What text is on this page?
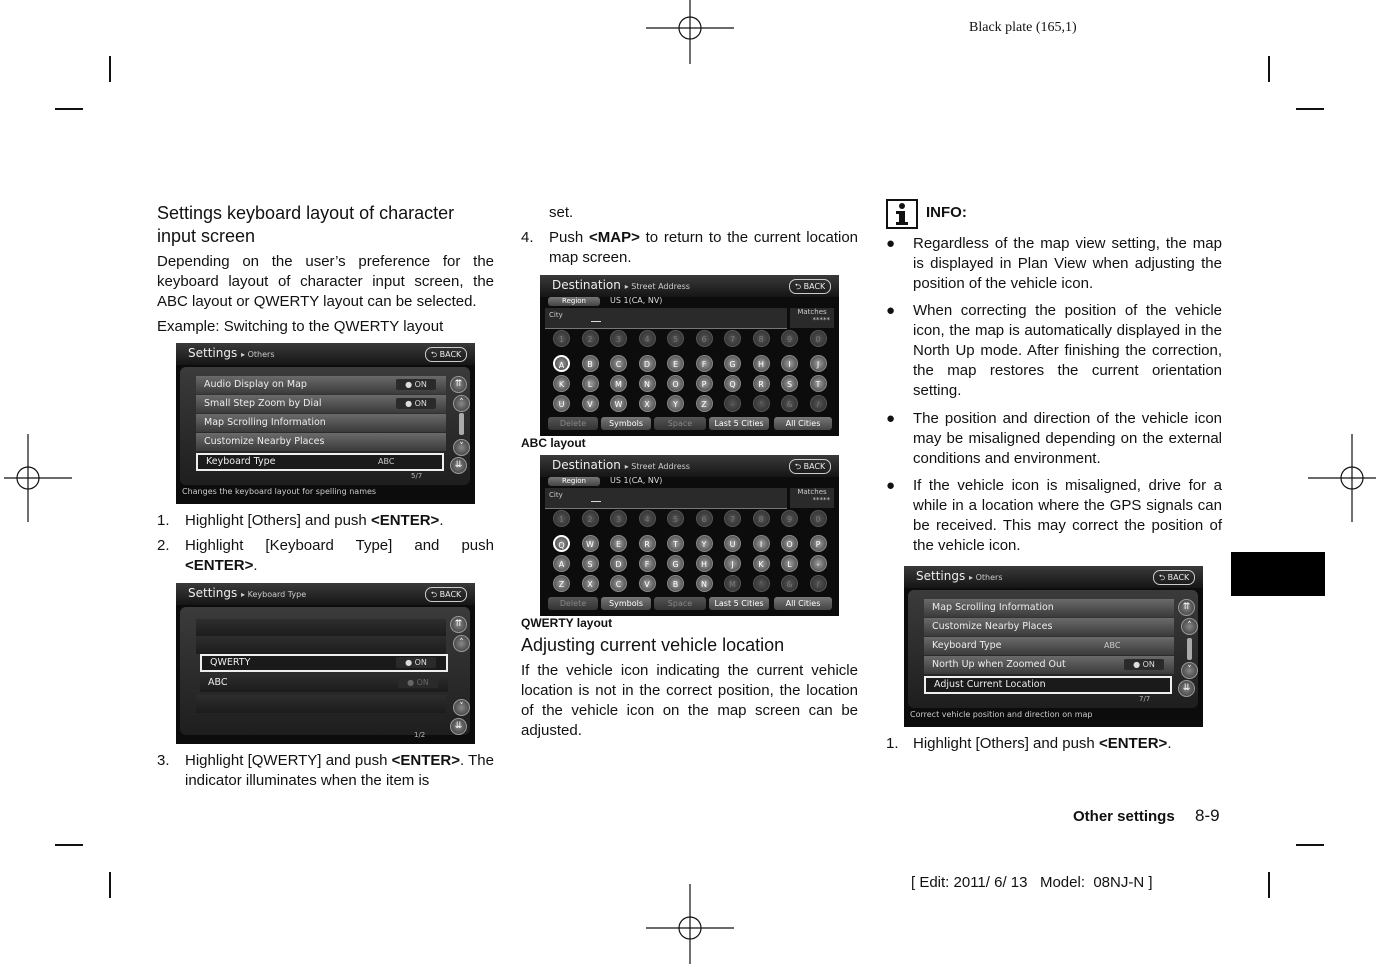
Black plate (165,1)
Settings keyboard layout of character
input screen
Depending on the user’s preference for the keyboard layout of character input screen, the ABC layout or QWERTY layout can be selected.
Example: Switching to the QWERTY layout
Settings ▸ Others	⮌ BACK
Audio Display on Map	● ON
Small Step Zoom by Dial	● ON
Map Scrolling Information
Customize Nearby Places
Keyboard Type	ABC
⇈
˄
˅
⇊
5/7
Changes the keyboard layout for spelling names
1. Highlight [Others] and push <ENTER>.
2. Highlight [Keyboard Type] and push <ENTER>.
Settings ▸ Keyboard Type	⮌ BACK
QWERTY	● ON
ABC	● ON
⇈
˄
˅
⇊
1/2
3. Highlight [QWERTY] and push <ENTER>. The indicator illuminates when the item is
set.
4. Push <MAP> to return to the current location map screen.
Destination ▸ Street Address	⮌ BACK
Region	US 1(CA, NV)
City	Matches
*****
1	2	3	4	5	6	7	8	9	0
A	B	C	D	E	F	G	H	I	J
K	L	M	N	O	P	Q	R	S	T
U	V	W	X	Y	Z	-	'	&	/
Delete	Symbols	Space	Last 5 Cities	All Cities
ABC layout
Destination ▸ Street Address	⮌ BACK
Region	US 1(CA, NV)
City	Matches
*****
1	2	3	4	5	6	7	8	9	0
Q	W	E	R	T	Y	U	I	O	P
A	S	D	F	G	H	J	K	L	-
Z	X	C	V	B	N	M	'	&	/
Delete	Symbols	Space	Last 5 Cities	All Cities
QWERTY layout
Adjusting current vehicle location
If the vehicle icon indicating the current vehicle location is not in the correct position, the location of the vehicle icon on the map screen can be adjusted.
INFO:
● Regardless of the map view setting, the map is displayed in Plan View when adjusting the position of the vehicle icon.
● When correcting the position of the vehicle icon, the map is automatically displayed in the North Up mode. After finishing the correction, the map restores the current orientation setting.
● The position and direction of the vehicle icon may be misaligned depending on the external conditions and environment.
● If the vehicle icon is misaligned, drive for a while in a location where the GPS signals can be received. This may correct the position of the vehicle icon.
Settings ▸ Others	⮌ BACK
Map Scrolling Information
Customize Nearby Places
Keyboard Type	ABC
North Up when Zoomed Out	● ON
Adjust Current Location
⇈
˄
˅
⇊
7/7
Correct vehicle position and direction on map
1. Highlight [Others] and push <ENTER>.
Other settings 8-9
[ Edit: 2011/ 6/ 13   Model:  08NJ-N ]
